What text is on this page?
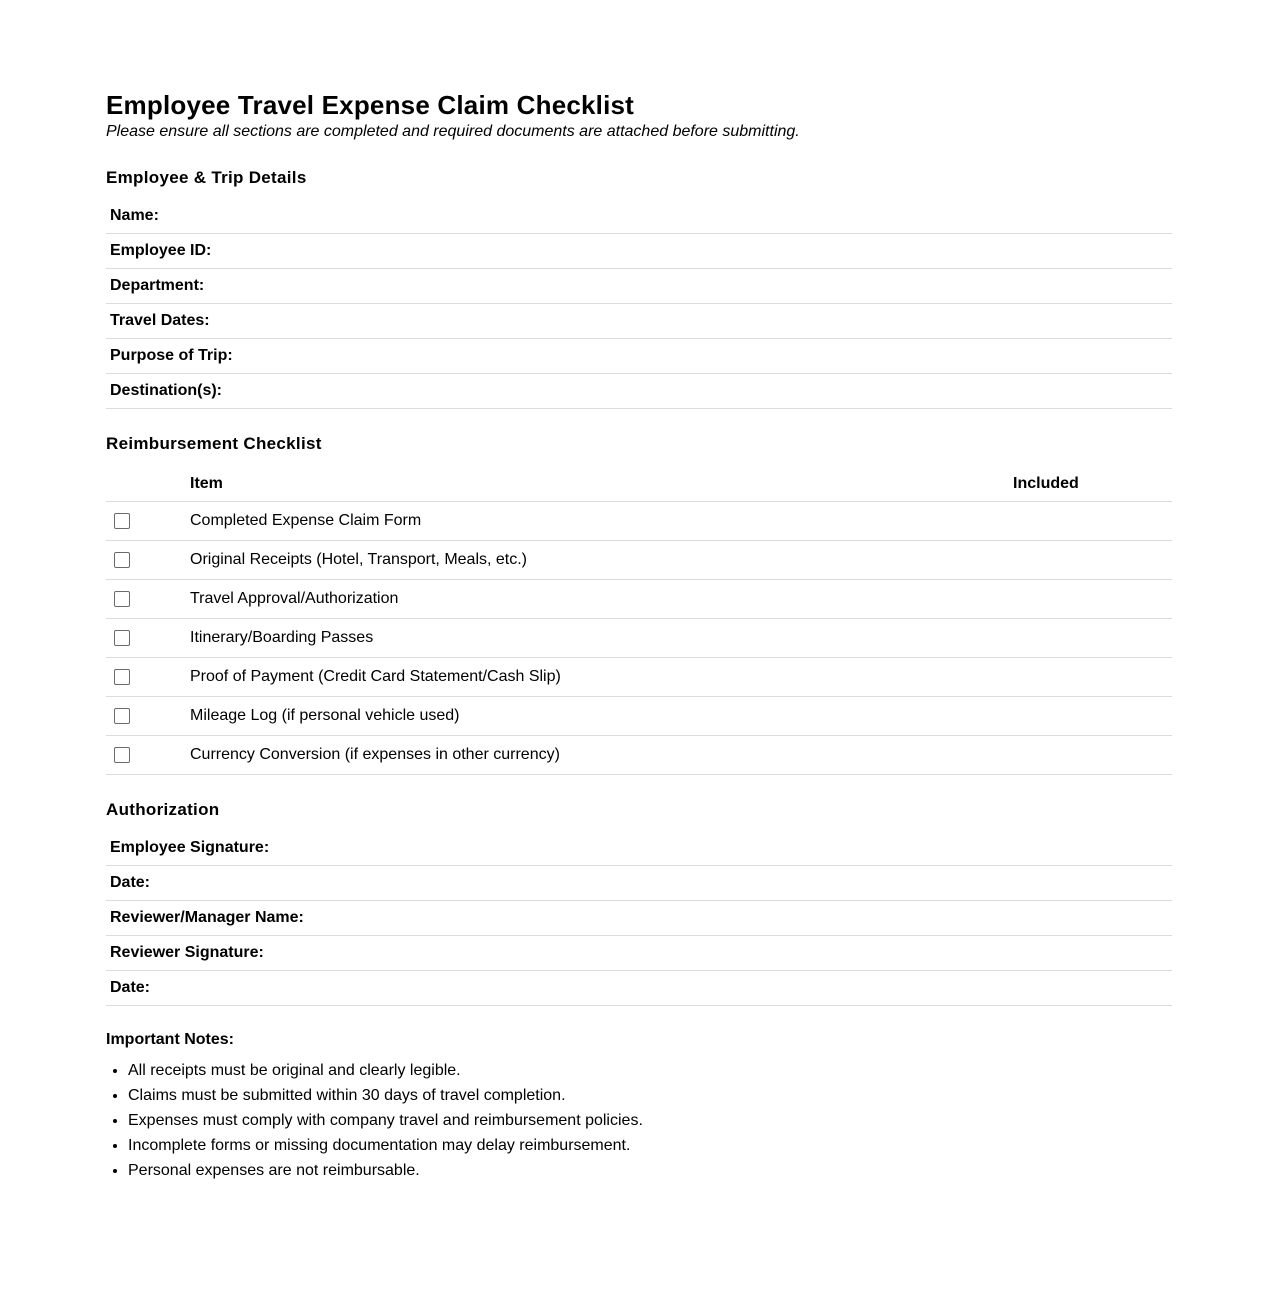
Employee Travel Expense Claim Checklist

Please ensure all sections are completed and required documents are attached before submitting.

Employee & Trip Details
Name:
Employee ID:
Department:
Travel Dates:
Purpose of Trip:
Destination(s):
Reimbursement Checklist
	Item	Included
	Completed Expense Claim Form	
	Original Receipts (Hotel, Transport, Meals, etc.)	
	Travel Approval/Authorization	
	Itinerary/Boarding Passes	
	Proof of Payment (Credit Card Statement/Cash Slip)	
	Mileage Log (if personal vehicle used)	
	Currency Conversion (if expenses in other currency)	
Authorization
Employee Signature:
Date:
Reviewer/Manager Name:
Reviewer Signature:
Date:

Important Notes:

• All receipts must be original and clearly legible.
• Claims must be submitted within 30 days of travel completion.
• Expenses must comply with company travel and reimbursement policies.
• Incomplete forms or missing documentation may delay reimbursement.
• Personal expenses are not reimbursable.
